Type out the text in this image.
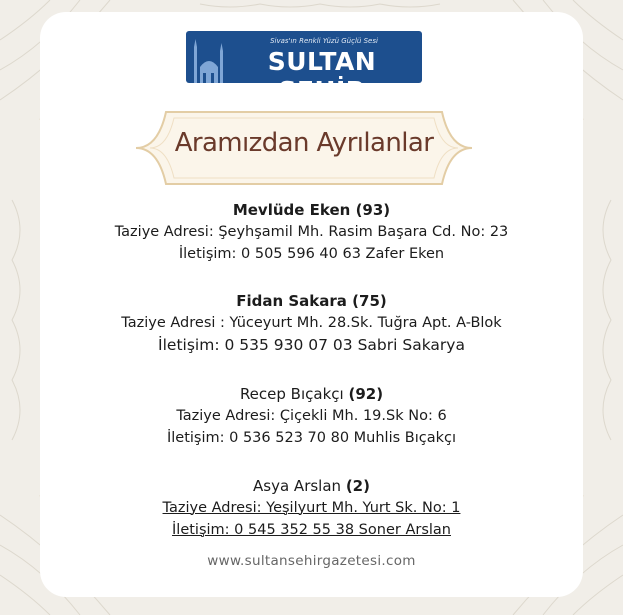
Sivas'ın Renkli Yüzü Güçlü Sesi
SULTAN ŞEHİR
Aramızdan Ayrılanlar
Mevlüde Eken (93)
Taziye Adresi: Şeyhşamil Mh. Rasim Başara Cd. No: 23
İletişim: 0 505 596 40 63 Zafer Eken
Fidan Sakara (75)
Taziye Adresi : Yüceyurt Mh. 28.Sk. Tuğra Apt. A-Blok
İletişim: 0 535 930 07 03 Sabri Sakarya
Recep Bıçakçı (92)
Taziye Adresi: Çiçekli Mh. 19.Sk No: 6
İletişim: 0 536 523 70 80 Muhlis Bıçakçı
Asya Arslan (2)
Taziye Adresi: Yeşilyurt Mh. Yurt Sk. No: 1
İletişim: 0 545 352 55 38 Soner Arslan
www.sultansehirgazetesi.com
